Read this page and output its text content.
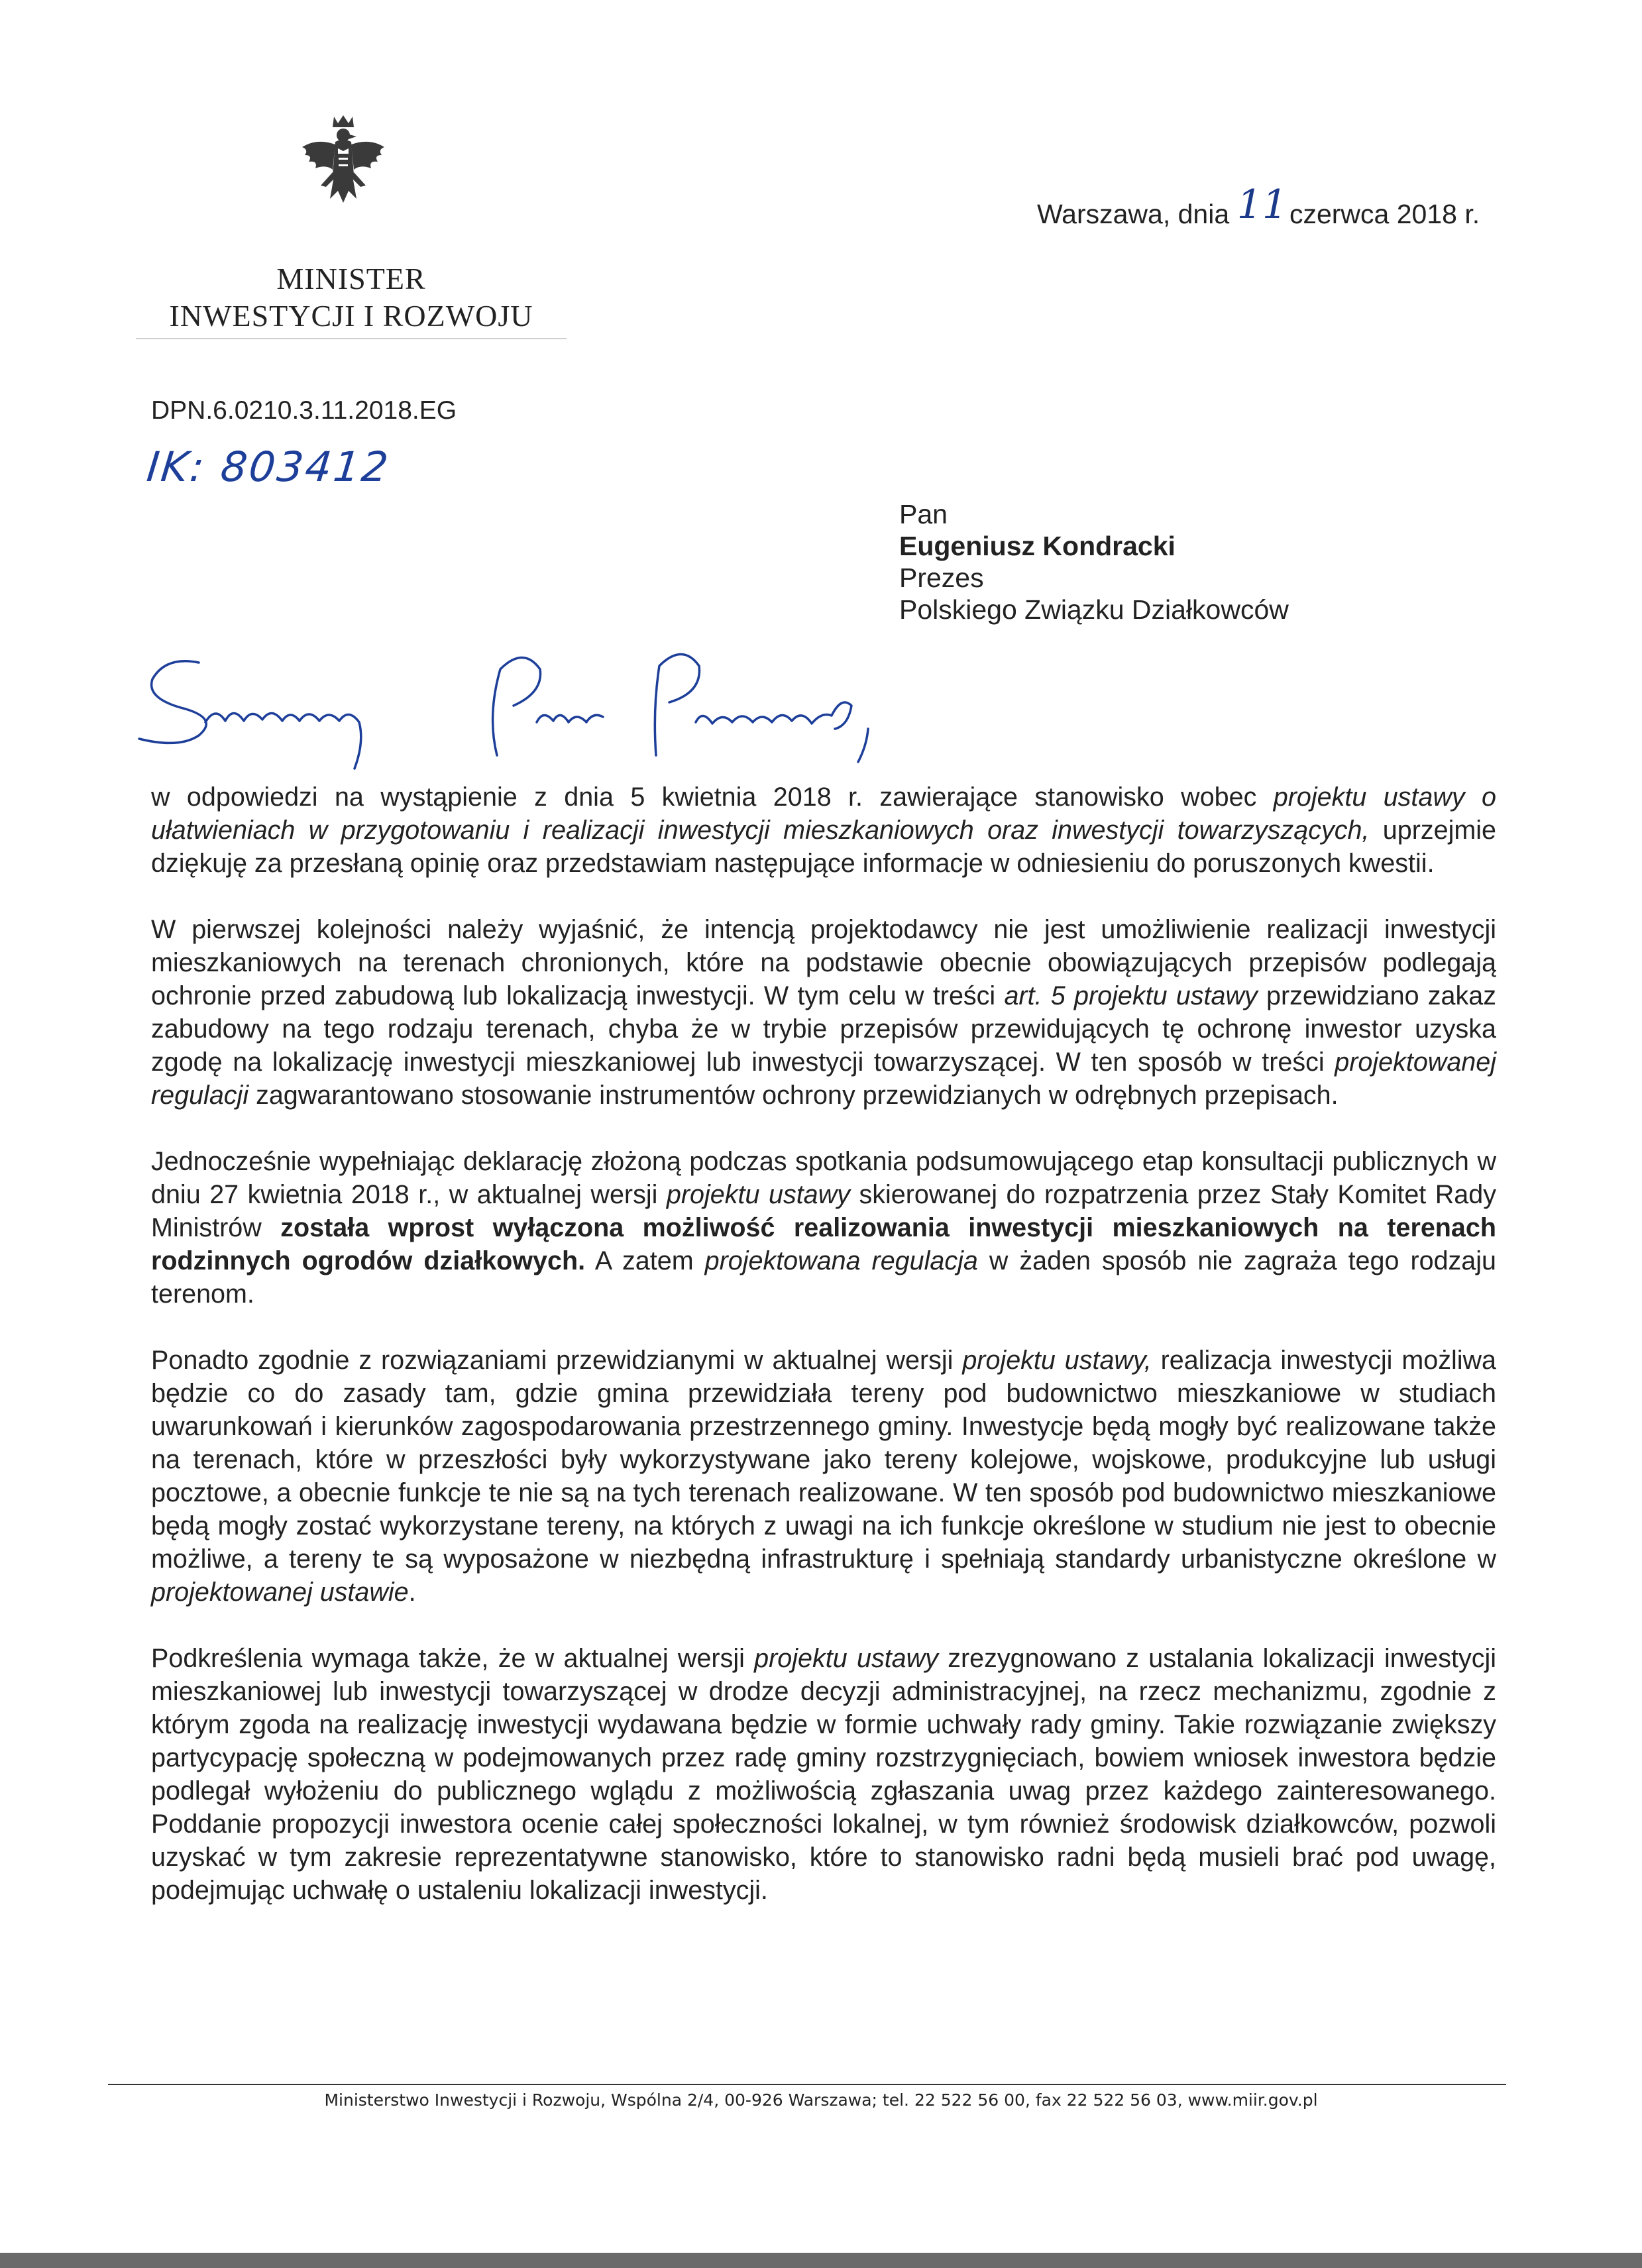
MINISTER
INWESTYCJI I ROZWOJU
Warszawa, dnia 11 czerwca 2018 r.
DPN.6.0210.3.11.2018.EG
IK: 803412
Pan
Eugeniusz Kondracki
Prezes
Polskiego Związku Działkowców

w odpowiedzi na wystąpienie z dnia 5 kwietnia 2018 r. zawierające stanowisko wobec projektu ustawy o ułatwieniach w przygotowaniu i realizacji inwestycji mieszkaniowych oraz inwestycji towarzyszących, uprzejmie dziękuję za przesłaną opinię oraz przedstawiam następujące informacje w odniesieniu do poruszonych kwestii.

W pierwszej kolejności należy wyjaśnić, że intencją projektodawcy nie jest umożliwienie realizacji inwestycji mieszkaniowych na terenach chronionych, które na podstawie obecnie obowiązujących przepisów podlegają ochronie przed zabudową lub lokalizacją inwestycji. W tym celu w treści art. 5 projektu ustawy przewidziano zakaz zabudowy na tego rodzaju terenach, chyba że w trybie przepisów przewidujących tę ochronę inwestor uzyska zgodę na lokalizację inwestycji mieszkaniowej lub inwestycji towarzyszącej. W ten sposób w treści projektowanej regulacji zagwarantowano stosowanie instrumentów ochrony przewidzianych w odrębnych przepisach.

Jednocześnie wypełniając deklarację złożoną podczas spotkania podsumowującego etap konsultacji publicznych w dniu 27 kwietnia 2018 r., w aktualnej wersji projektu ustawy skierowanej do rozpatrzenia przez Stały Komitet Rady Ministrów została wprost wyłączona możliwość realizowania inwestycji mieszkaniowych na terenach rodzinnych ogrodów działkowych. A zatem projektowana regulacja w żaden sposób nie zagraża tego rodzaju terenom.

Ponadto zgodnie z rozwiązaniami przewidzianymi w aktualnej wersji projektu ustawy, realizacja inwestycji możliwa będzie co do zasady tam, gdzie gmina przewidziała tereny pod budownictwo mieszkaniowe w studiach uwarunkowań i kierunków zagospodarowania przestrzennego gminy. Inwestycje będą mogły być realizowane także na terenach, które w przeszłości były wykorzystywane jako tereny kolejowe, wojskowe, produkcyjne lub usługi pocztowe, a obecnie funkcje te nie są na tych terenach realizowane. W ten sposób pod budownictwo mieszkaniowe będą mogły zostać wykorzystane tereny, na których z uwagi na ich funkcje określone w studium nie jest to obecnie możliwe, a tereny te są wyposażone w niezbędną infrastrukturę i spełniają standardy urbanistyczne określone w projektowanej ustawie.

Podkreślenia wymaga także, że w aktualnej wersji projektu ustawy zrezygnowano z ustalania lokalizacji inwestycji mieszkaniowej lub inwestycji towarzyszącej w drodze decyzji administracyjnej, na rzecz mechanizmu, zgodnie z którym zgoda na realizację inwestycji wydawana będzie w formie uchwały rady gminy. Takie rozwiązanie zwiększy partycypację społeczną w podejmowanych przez radę gminy rozstrzygnięciach, bowiem wniosek inwestora będzie podlegał wyłożeniu do publicznego wglądu z możliwością zgłaszania uwag przez każdego zainteresowanego. Poddanie propozycji inwestora ocenie całej społeczności lokalnej, w tym również środowisk działkowców, pozwoli uzyskać w tym zakresie reprezentatywne stanowisko, które to stanowisko radni będą musieli brać pod uwagę, podejmując uchwałę o ustaleniu lokalizacji inwestycji.

Ministerstwo Inwestycji i Rozwoju, Wspólna 2/4, 00-926 Warszawa; tel. 22 522 56 00, fax 22 522 56 03, www.miir.gov.pl
